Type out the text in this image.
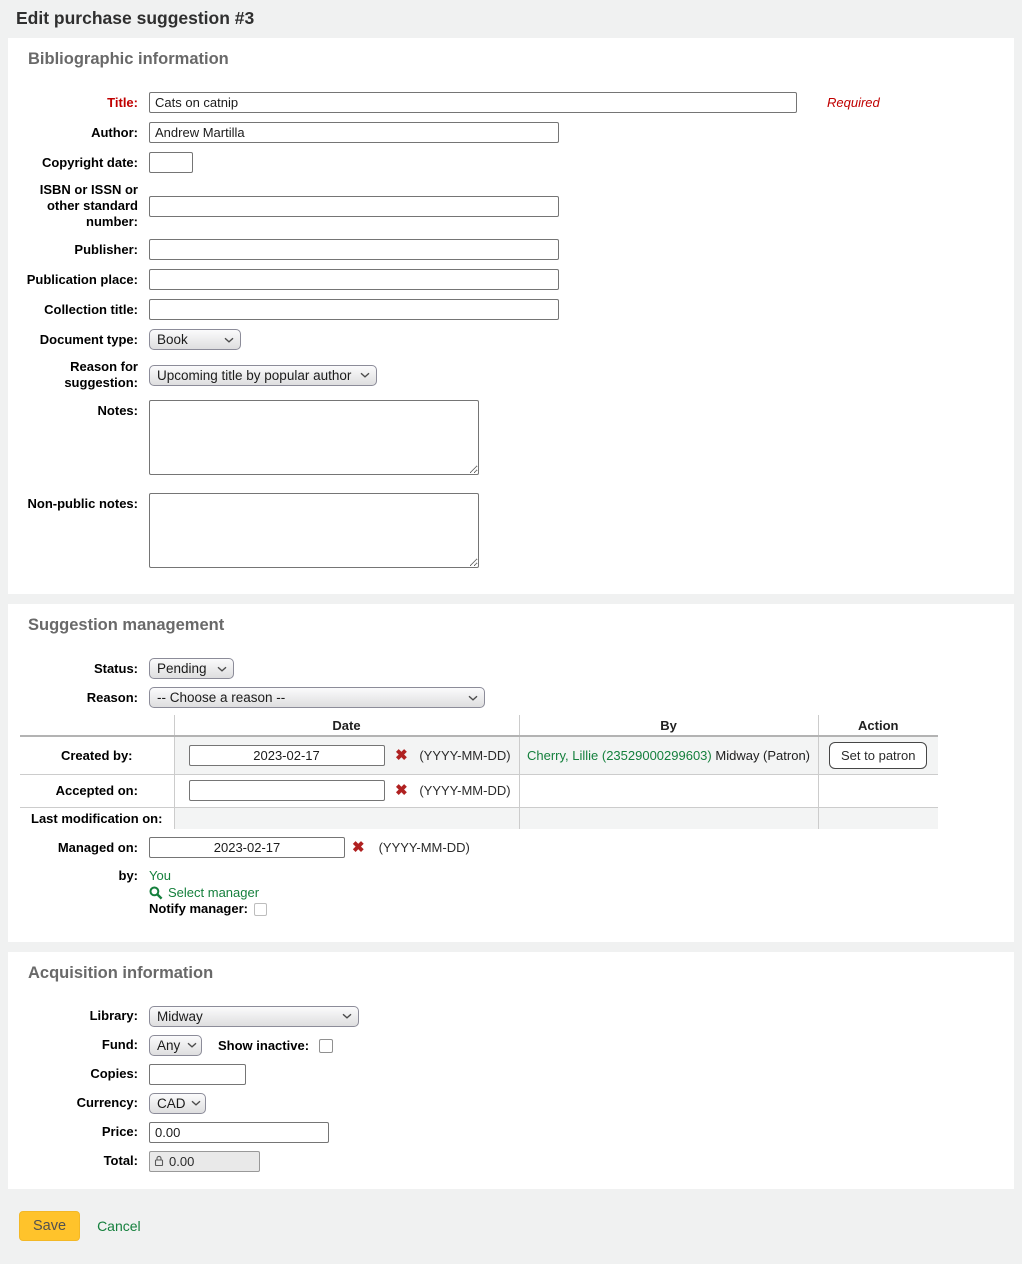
Edit purchase suggestion #3
Bibliographic information
Title:
Cats on catnip	Required
Author:
Andrew Martilla
Copyright date:
ISBN or ISSN or other standard number:
Publisher:
Publication place:
Collection title:
Document type:
Book
Reason for suggestion:
Upcoming title by popular author
Notes:
Non-public notes:
Suggestion management
Status:
Pending
Reason:
-- Choose a reason --
	Date	By	Action
Created by:	2023-02-17✖ (YYYY-MM-DD)	Cherry, Lillie (23529000299603) Midway (Patron)	Set to patron
Accepted on:	✖ (YYYY-MM-DD)		
Last modification on:			
Managed on:
2023-02-17	✖ (YYYY-MM-DD)
by: You
Select manager
Notify manager:
Acquisition information
Library:
Midway
Fund:
Any	Show inactive:
Copies:
Currency:
CAD
Price:
0.00
Total:
0.00
Save	Cancel
